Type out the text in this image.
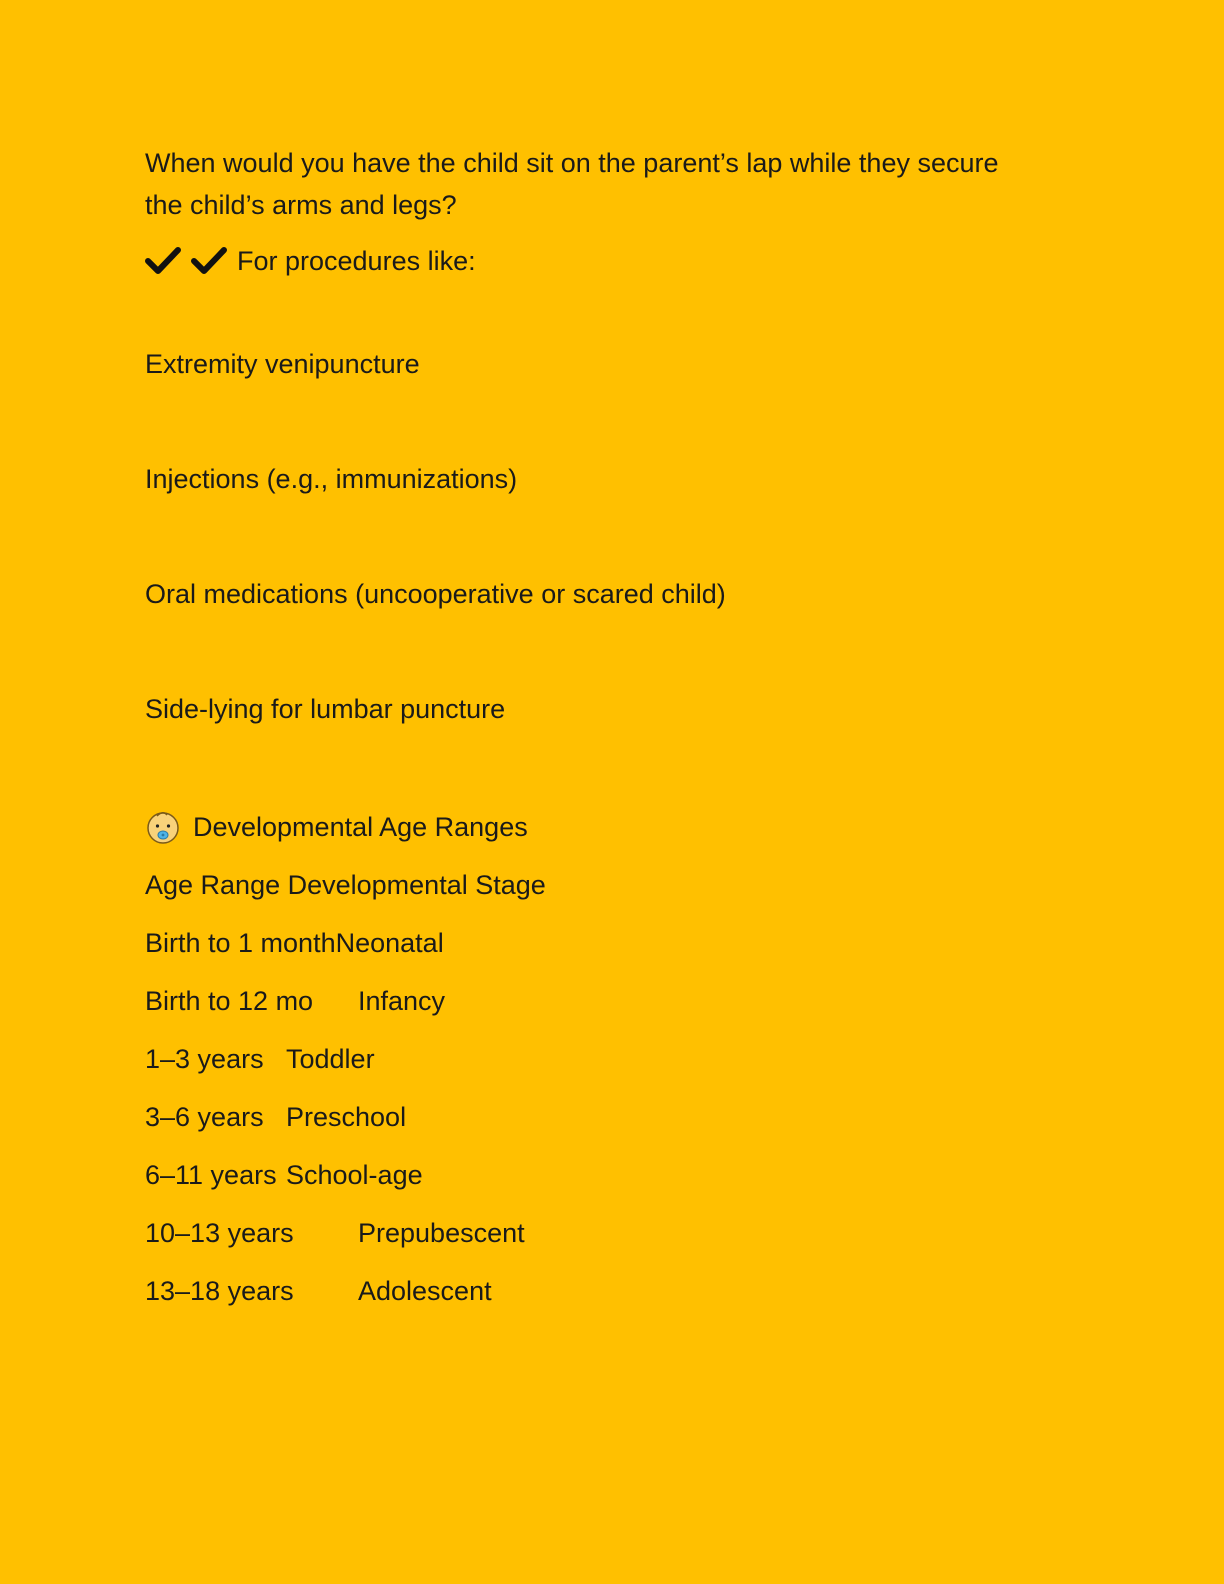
When would you have the child sit on the parent’s lap while they secure the child’s arms and legs?
For procedures like:
Extremity venipuncture
Injections (e.g., immunizations)
Oral medications (uncooperative or scared child)
Side-lying for lumbar puncture
Developmental Age Ranges
Age Range Developmental Stage
Birth to 1 monthNeonatal
Birth to 12 mo Infancy
1–3 years Toddler
3–6 years Preschool
6–11 years School-age
10–13 years Prepubescent
13–18 years Adolescent
